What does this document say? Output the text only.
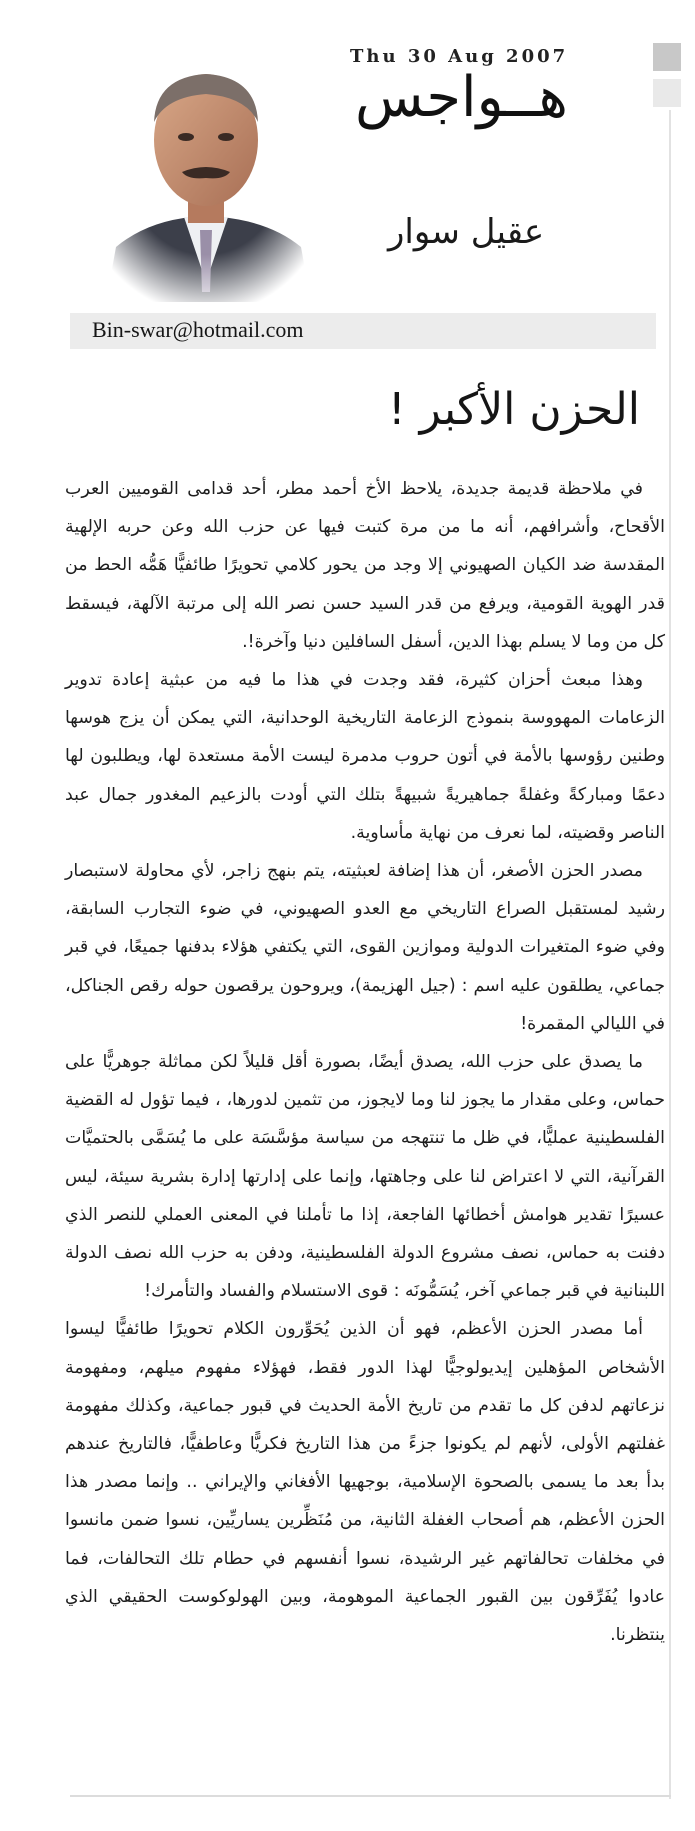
Thu 30 Aug 2007
هــواجس
عقيل سوار
Bin-swar@hotmail.com
الحزن الأكبر !

في ملاحظة قديمة جديدة، يلاحظ الأخ أحمد مطر، أحد قدامى القوميين العرب الأقحاح، وأشرافهم، أنه ما من مرة كتبت فيها عن حزب الله وعن حربه الإلهية المقدسة ضد الكيان الصهيوني إلا وجد من يحور كلامي تحويرًا طائفيًّا هَمُّه الحط من قدر الهوية القومية، ويرفع من قدر السيد حسن نصر الله إلى مرتبة الآلهة، فيسقط كل من وما لا يسلم بهذا الدين، أسفل السافلين دنيا وآخرة!.

وهذا مبعث أحزان كثيرة، فقد وجدت في هذا ما فيه من عبثية إعادة تدوير الزعامات المهووسة بنموذج الزعامة التاريخية الوحدانية، التي يمكن أن يزج هوسها وطنين رؤوسها بالأمة في أتون حروب مدمرة ليست الأمة مستعدة لها، ويطلبون لها دعمًا ومباركةً وغفلةً جماهيريةً شبيهةً بتلك التي أودت بالزعيم المغدور جمال عبد الناصر وقضيته، لما نعرف من نهاية مأساوية.

مصدر الحزن الأصغر، أن هذا إضافة لعبثيته، يتم بنهج زاجر، لأي محاولة لاستبصار رشيد لمستقبل الصراع التاريخي مع العدو الصهيوني، في ضوء التجارب السابقة، وفي ضوء المتغيرات الدولية وموازين القوى، التي يكتفي هؤلاء بدفنها جميعًا، في قبر جماعي، يطلقون عليه اسم : (جيل الهزيمة)، ويروحون يرقصون حوله رقص الجناكل، في الليالي المقمرة!

ما يصدق على حزب الله، يصدق أيضًا، بصورة أقل قليلاً لكن مماثلة جوهريًّا على حماس، وعلى مقدار ما يجوز لنا وما لايجوز، من تثمين لدورها، ، فيما تؤول له القضية الفلسطينية عمليًّا، في ظل ما تنتهجه من سياسة مؤسَّسَة على ما يُسَمَّى بالحتميَّات القرآنية، التي لا اعتراض لنا على وجاهتها، وإنما على إدارتها إدارة بشرية سيئة، ليس عسيرًا تقدير هوامش أخطائها الفاجعة، إذا ما تأملنا في المعنى العملي للنصر الذي دفنت به حماس، نصف مشروع الدولة الفلسطينية، ودفن به حزب الله نصف الدولة اللبنانية في قبر جماعي آخر، يُسَمُّونَه : قوى الاستسلام والفساد والتأمرك!

أما مصدر الحزن الأعظم، فهو أن الذين يُحَوِّرون الكلام تحويرًا طائفيًّا ليسوا الأشخاص المؤهلين إيديولوجيًّا لهذا الدور فقط، فهؤلاء مفهوم ميلهم، ومفهومة نزعاتهم لدفن كل ما تقدم من تاريخ الأمة الحديث في قبور جماعية، وكذلك مفهومة غفلتهم الأولى، لأنهم لم يكونوا جزءً من هذا التاريخ فكريًّا وعاطفيًّا، فالتاريخ عندهم بدأ بعد ما يسمى بالصحوة الإسلامية، بوجهيها الأفغاني والإيراني .. وإنما مصدر هذا الحزن الأعظم، هم أصحاب الغفلة الثانية، من مُنَظِّرين يساريِّين، نسوا ضمن مانسوا في مخلفات تحالفاتهم غير الرشيدة، نسوا أنفسهم في حطام تلك التحالفات، فما عادوا يُفَرِّقون بين القبور الجماعية الموهومة، وبين الهولوكوست الحقيقي الذي ينتظرنا.
